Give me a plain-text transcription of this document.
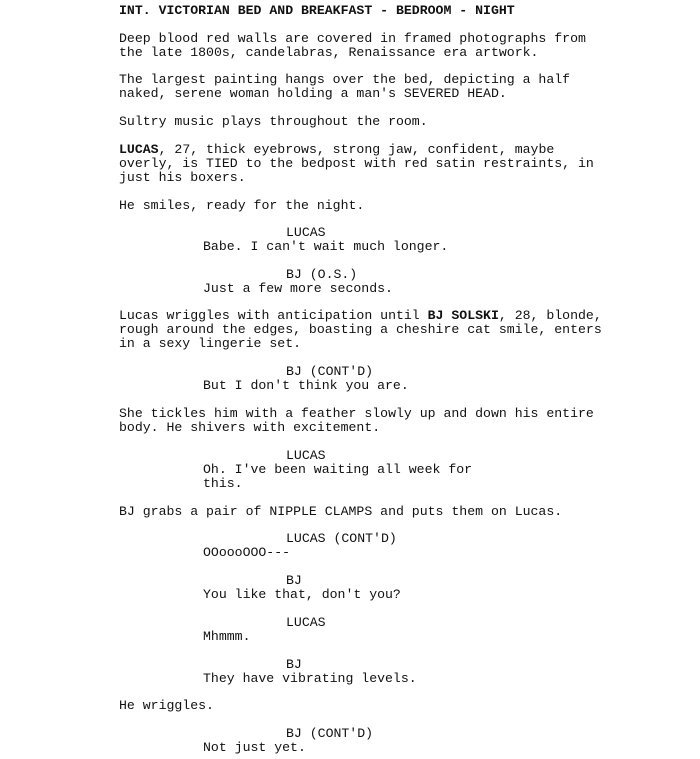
INT. VICTORIAN BED AND BREAKFAST - BEDROOM - NIGHT
Deep blood red walls are covered in framed photographs from
the late 1800s, candelabras, Renaissance era artwork.
The largest painting hangs over the bed, depicting a half
naked, serene woman holding a man's SEVERED HEAD.
Sultry music plays throughout the room.
LUCAS, 27, thick eyebrows, strong jaw, confident, maybe
overly, is TIED to the bedpost with red satin restraints, in
just his boxers.
He smiles, ready for the night.
LUCAS
Babe. I can't wait much longer.
BJ (O.S.)
Just a few more seconds.
Lucas wriggles with anticipation until BJ SOLSKI, 28, blonde,
rough around the edges, boasting a cheshire cat smile, enters
in a sexy lingerie set.
BJ (CONT'D)
But I don't think you are.
She tickles him with a feather slowly up and down his entire
body. He shivers with excitement.
LUCAS
Oh. I've been waiting all week for
this.
BJ grabs a pair of NIPPLE CLAMPS and puts them on Lucas.
LUCAS (CONT'D)
OOoooOOO---
BJ
You like that, don't you?
LUCAS
Mhmmm.
BJ
They have vibrating levels.
He wriggles.
BJ (CONT'D)
Not just yet.
